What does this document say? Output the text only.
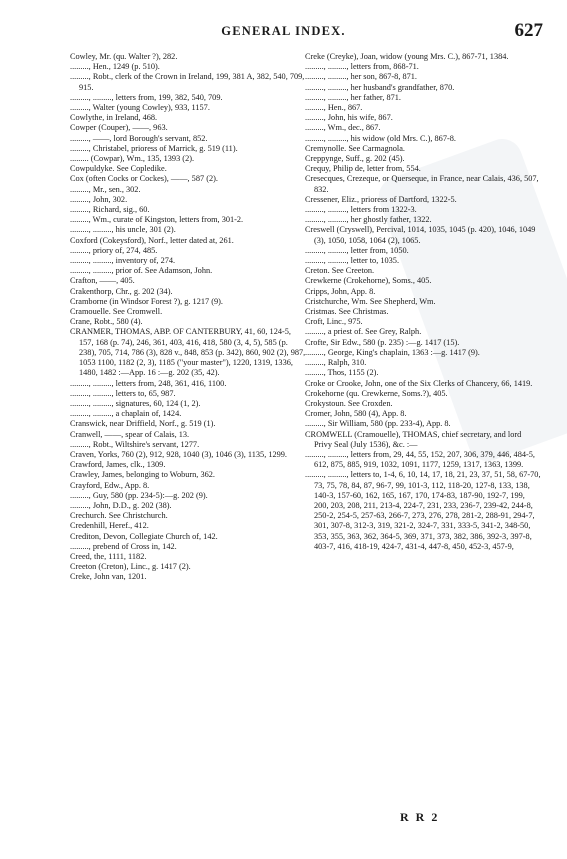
GENERAL INDEX.	627
Cowley, Mr. (qu. Walter ?), 282.
........., Hen., 1249 (p. 510).
........., Robt., clerk of the Crown in Ireland, 199, 381 A, 382, 540, 709, 915.
........., ........., letters from, 199, 382, 540, 709.
........., Walter (young Cowley), 933, 1157.
Cowlythe, in Ireland, 468.
Cowper (Couper), ——, 963.
........., ——, lord Borough's servant, 852.
........., Christabel, prioress of Marrick, g. 519 (11).
......... (Cowpar), Wm., 135, 1393 (2).
Cowpuldyke. See Copledike.
Cox (often Cocks or Cockes), ——, 587 (2).
........., Mr., sen., 302.
........., John, 302.
........., Richard, sig., 60.
........., Wm., curate of Kingston, letters from, 301-2.
........., ........., his uncle, 301 (2).
Coxford (Cokeysford), Norf., letter dated at, 261.
........., priory of, 274, 485.
........., ........., inventory of, 274.
........., ........., prior of. See Adamson, John.
Crafton, ——, 405.
Crakenthorp, Chr., g. 202 (34).
Cramborne (in Windsor Forest ?), g. 1217 (9).
Cramouelle. See Cromwell.
Crane, Robt., 580 (4).
CRANMER, THOMAS, ABP. OF CANTERBURY, 41, 60, 124-5, 157, 168 (p. 74), 246, 361, 403, 416, 418, 580 (3, 4, 5), 585 (p. 238), 705, 714, 786 (3), 828 v., 848, 853 (p. 342), 860, 902 (2), 987, 1053 1100, 1182 (2, 3), 1185 ("your master"), 1220, 1319, 1336, 1480, 1482 :—App. 16 :—g. 202 (35, 42).
........., ........., letters from, 248, 361, 416, 1100.
........., ........., letters to, 65, 987.
........., ........., signatures, 60, 124 (1, 2).
........., ........., a chaplain of, 1424.
Cranswick, near Driffield, Norf., g. 519 (1).
Cranwell, ——, spear of Calais, 13.
........., Robt., Wiltshire's servant, 1277.
Craven, Yorks, 760 (2), 912, 928, 1040 (3), 1046 (3), 1135, 1299.
Crawford, James, clk., 1309.
Crawley, James, belonging to Woburn, 362.
Crayford, Edw., App. 8.
........., Guy, 580 (pp. 234-5):—g. 202 (9).
........., John, D.D., g. 202 (38).
Crechurch. See Christchurch.
Credenhill, Heref., 412.
Crediton, Devon, Collegiate Church of, 142.
........., prebend of Cross in, 142.
Creed, the, 1111, 1182.
Creeton (Creton), Linc., g. 1417 (2).
Creke, John van, 1201.
Creke (Creyke), Joan, widow (young Mrs. C.), 867-71, 1384.
........., ........., letters from, 868-71.
........., ........., her son, 867-8, 871.
........., ........., her husband's grandfather, 870.
........., ........., her father, 871.
........., Hen., 867.
........., John, his wife, 867.
........., Wm., dec., 867.
........., ........., his widow (old Mrs. C.), 867-8.
Cremynolle. See Carmagnola.
Creppynge, Suff., g. 202 (45).
Crequy, Philip de, letter from, 554.
Cresecques, Crezeque, or Querseque, in France, near Calais, 436, 507, 832.
Cressener, Eliz., prioress of Dartford, 1322-5.
........., ........., letters from 1322-3.
........., ........., her ghostly father, 1322.
Creswell (Cryswell), Percival, 1014, 1035, 1045 (p. 420), 1046, 1049 (3), 1050, 1058, 1064 (2), 1065.
........., ........., letter from, 1050.
........., ........., letter to, 1035.
Creton. See Creeton.
Crewkerne (Crokehorne), Soms., 405.
Cripps, John, App. 8.
Cristchurche, Wm. See Shepherd, Wm.
Cristmas. See Christmas.
Croft, Linc., 975.
........., a priest of. See Grey, Ralph.
Crofte, Sir Edw., 580 (p. 235) :—g. 1417 (15).
........., George, King's chaplain, 1363 :—g. 1417 (9).
........., Ralph, 310.
........., Thos, 1155 (2).
Croke or Crooke, John, one of the Six Clerks of Chancery, 66, 1419.
Crokehorne (qu. Crewkerne, Soms.?), 405.
Crokystoun. See Croxden.
Cromer, John, 580 (4), App. 8.
........., Sir William, 580 (pp. 233-4), App. 8.
CROMWELL (Cramouelle), THOMAS, chief secretary, and lord Privy Seal (July 1536), &c. :—
........., ........., letters from, 29, 44, 55, 152, 207, 306, 379, 446, 484-5, 612, 875, 885, 919, 1032, 1091, 1177, 1259, 1317, 1363, 1399.
........., ........., letters to, 1-4, 6, 10, 14, 17, 18, 21, 23, 37, 51, 58, 67-70, 73, 75, 78, 84, 87, 96-7, 99, 101-3, 112, 118-20, 127-8, 133, 138, 140-3, 157-60, 162, 165, 167, 170, 174-83, 187-90, 192-7, 199, 200, 203, 208, 211, 213-4, 224-7, 231, 233, 236-7, 239-42, 244-8, 250-2, 254-5, 257-63, 266-7, 273, 276, 278, 281-2, 288-91, 294-7, 301, 307-8, 312-3, 319, 321-2, 324-7, 331, 333-5, 341-2, 348-50, 353, 355, 363, 362, 364-5, 369, 371, 373, 382, 386, 392-3, 397-8, 403-7, 416, 418-19, 424-7, 431-4, 447-8, 450, 452-3, 457-9,
R R 2
